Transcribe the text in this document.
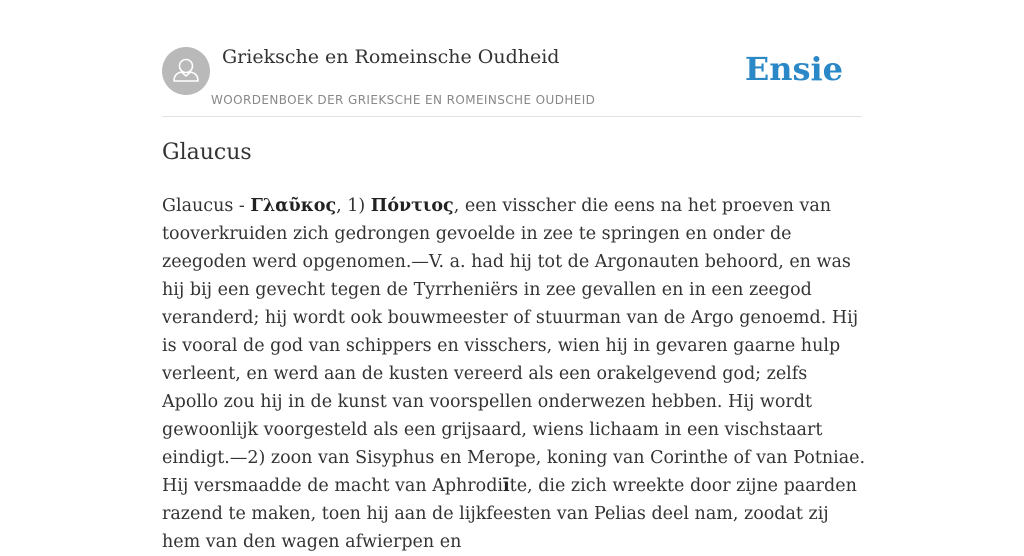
Grieksche en Romeinsche Oudheid
WOORDENBOEK DER GRIEKSCHE EN ROMEINSCHE OUDHEID
Ensie
Glaucus

Glaucus - Γλαῦκος, 1) Πόντιος, een visscher die eens na het proeven van tooverkruiden zich gedrongen gevoelde in zee te springen en onder de zeegoden werd opgenomen.—V. a. had hij tot de Argonauten behoord, en was hij bij een gevecht tegen de Tyrrheniërs in zee gevallen en in een zeegod veranderd; hij wordt ook bouwmeester of stuurman van de Argo genoemd. Hij is vooral de god van schippers en visschers, wien hij in gevaren gaarne hulp verleent, en werd aan de kusten vereerd als een orakelgevend god; zelfs Apollo zou hij in de kunst van voorspellen onderwezen hebben. Hij wordt gewoonlijk voorgesteld als een grijsaard, wiens lichaam in een vischstaart eindigt.—2) zoon van Sisyphus en Merope, koning van Corinthe of van Potniae. Hij versmaadde de macht van Aphrodiīte, die zich wreekte door zijne paarden razend te maken, toen hij aan de lijkfeesten van Pelias deel nam, zoodat zij hem van den wagen afwierpen en
